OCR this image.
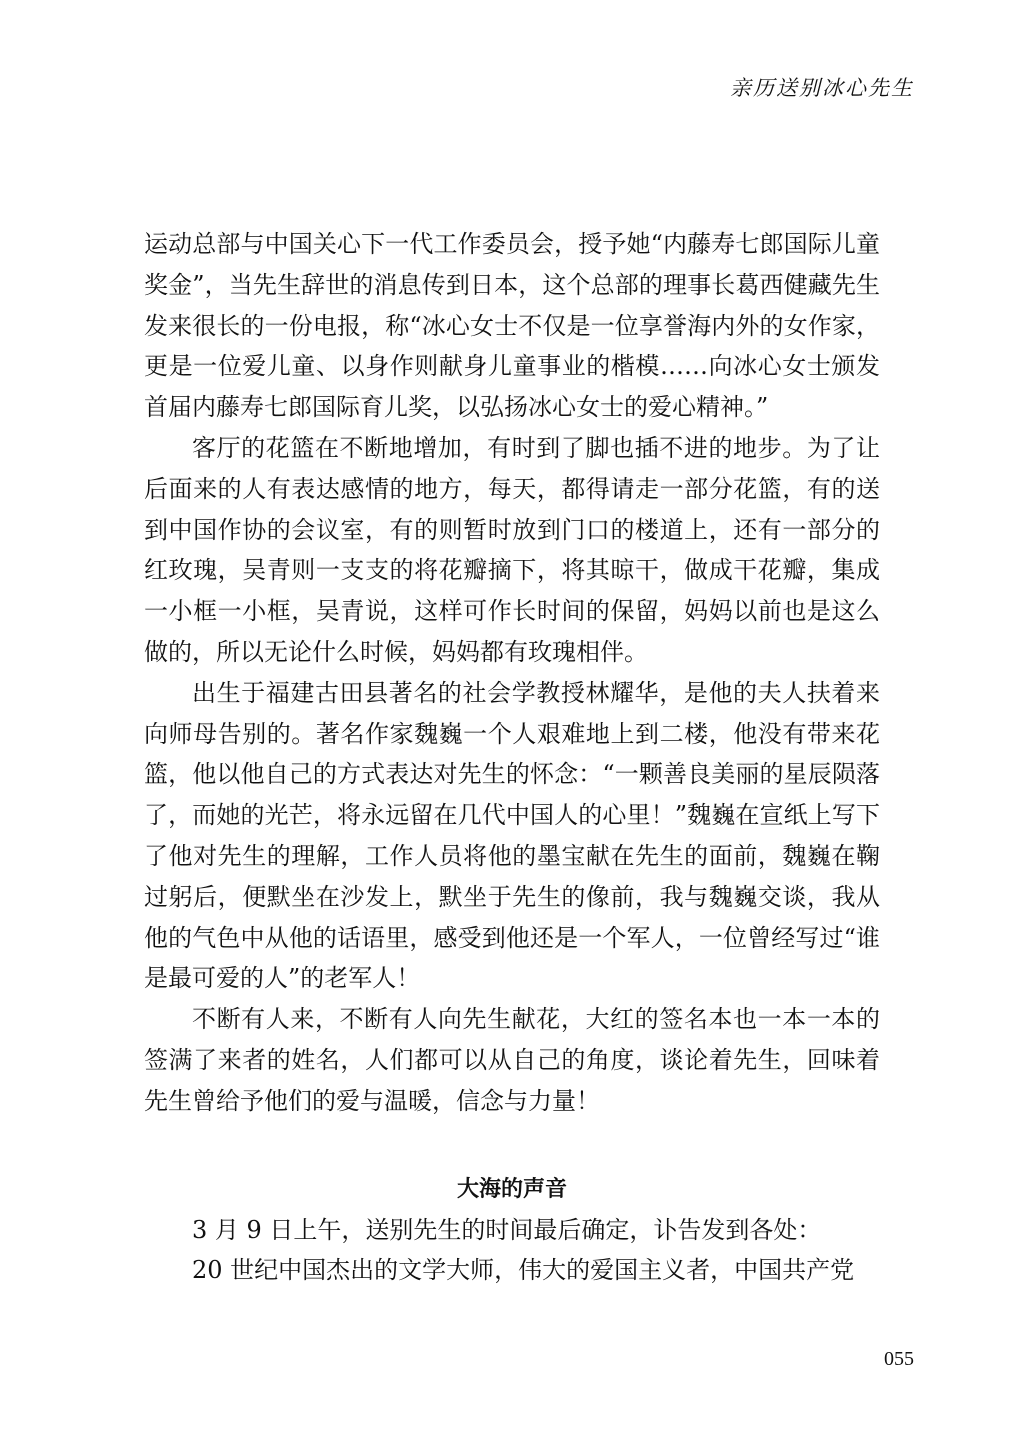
亲历送别冰心先生

运动总部与中国关心下一代工作委员会，授予她“内藤寿七郎国际儿童奖金”，当先生辞世的消息传到日本，这个总部的理事长葛西健藏先生发来很长的一份电报，称“冰心女士不仅是一位享誉海内外的女作家，更是一位爱儿童、以身作则献身儿童事业的楷模……向冰心女士颁发首届内藤寿七郎国际育儿奖，以弘扬冰心女士的爱心精神。”

客厅的花篮在不断地增加，有时到了脚也插不进的地步。为了让后面来的人有表达感情的地方，每天，都得请走一部分花篮，有的送到中国作协的会议室，有的则暂时放到门口的楼道上，还有一部分的红玫瑰，吴青则一支支的将花瓣摘下，将其晾干，做成干花瓣，集成一小框一小框，吴青说，这样可作长时间的保留，妈妈以前也是这么做的，所以无论什么时候，妈妈都有玫瑰相伴。

出生于福建古田县著名的社会学教授林耀华，是他的夫人扶着来向师母告别的。著名作家魏巍一个人艰难地上到二楼，他没有带来花篮，他以他自己的方式表达对先生的怀念：“一颗善良美丽的星辰陨落了，而她的光芒，将永远留在几代中国人的心里！”魏巍在宣纸上写下了他对先生的理解，工作人员将他的墨宝献在先生的面前，魏巍在鞠过躬后，便默坐在沙发上，默坐于先生的像前，我与魏巍交谈，我从他的气色中从他的话语里，感受到他还是一个军人，一位曾经写过“谁是最可爱的人”的老军人！

不断有人来，不断有人向先生献花，大红的签名本也一本一本的签满了来者的姓名，人们都可以从自己的角度，谈论着先生，回味着先生曾给予他们的爱与温暖，信念与力量！

大海的声音

3 月 9 日上午，送别先生的时间最后确定，讣告发到各处：

20 世纪中国杰出的文学大师，伟大的爱国主义者，中国共产党

055
